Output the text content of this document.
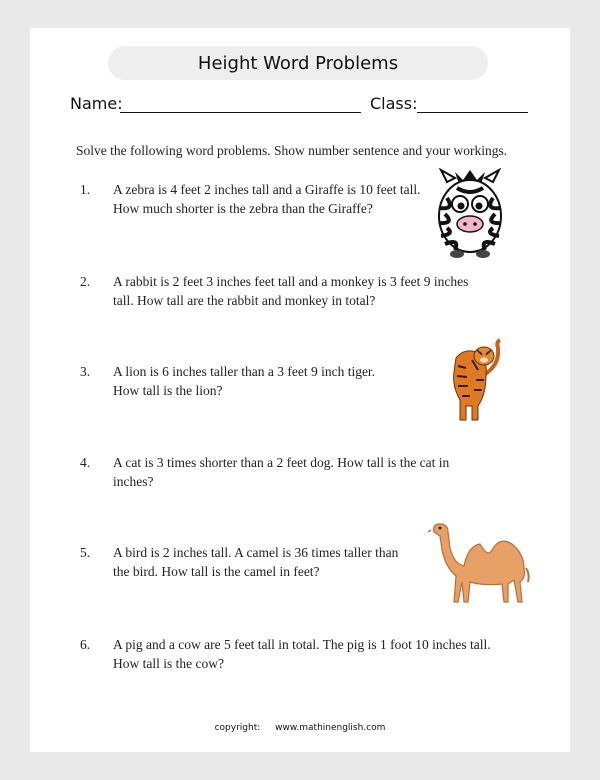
Height Word Problems
Name:	Class:
Solve the following word problems. Show number sentence and your workings.
1.	A zebra is 4 feet 2 inches tall and a Giraffe is 10 feet tall.
How much shorter is the zebra than the Giraffe?
2.	A rabbit is 2 feet 3 inches feet tall and a monkey is 3 feet 9 inches
tall. How tall are the rabbit and monkey in total?
3.	A lion is 6 inches taller than a 3 feet 9 inch tiger.
How tall is the lion?
4.	A cat is 3 times shorter than a 2 feet dog. How tall is the cat in
inches?
5.	A bird is 2 inches tall. A camel is 36 times taller than
the bird. How tall is the camel in feet?
6.	A pig and a cow are 5 feet tall in total. The pig is 1 foot 10 inches tall.
How tall is the cow?
copyright: www.mathinenglish.com
